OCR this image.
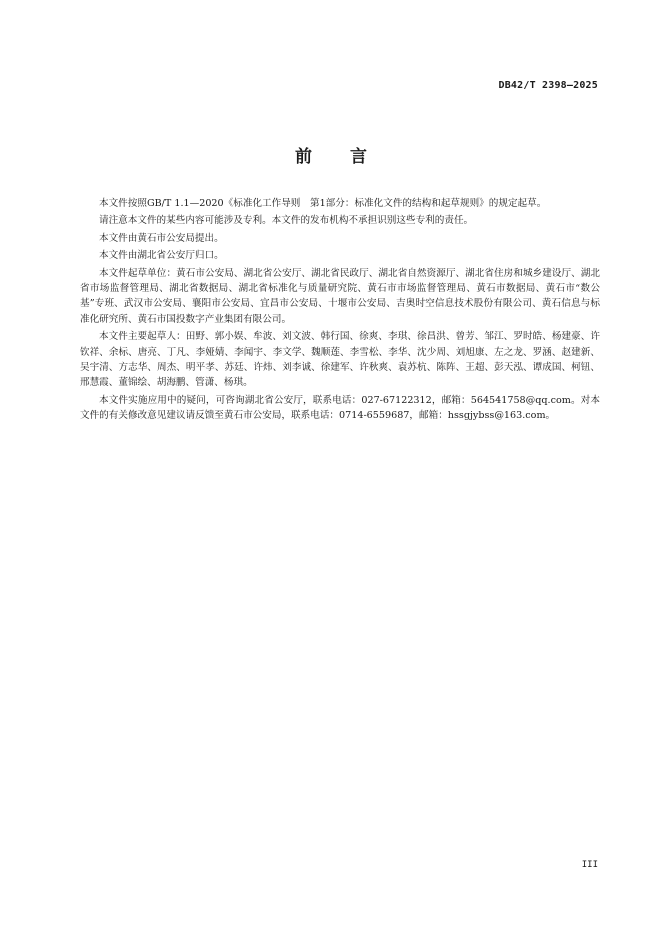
DB42/T 2398—2025
前言

本文件按照GB/T 1.1—2020《标准化工作导则　第1部分：标准化文件的结构和起草规则》的规定起草。

请注意本文件的某些内容可能涉及专利。本文件的发布机构不承担识别这些专利的责任。

本文件由黄石市公安局提出。

本文件由湖北省公安厅归口。

本文件起草单位：黄石市公安局、湖北省公安厅、湖北省民政厅、湖北省自然资源厅、湖北省住房和城乡建设厅、湖北省市场监督管理局、湖北省数据局、湖北省标准化与质量研究院、黄石市市场监督管理局、黄石市数据局、黄石市“数公基”专班、武汉市公安局、襄阳市公安局、宜昌市公安局、十堰市公安局、吉奥时空信息技术股份有限公司、黄石信息与标准化研究所、黄石市国投数字产业集团有限公司。

本文件主要起草人：田野、郭小娱、牟波、刘文波、韩行国、徐爽、李琪、徐昌洪、曾芳、邹江、罗时皓、杨建豪、许钦祥、余标、唐亮、丁凡、李娅婧、李闻宇、李文学、魏顺莲、李雪松、李华、沈少周、刘旭康、左之龙、罗涵、赵建新、吴宇清、方志华、周杰、明平孝、苏廷、许炜、刘李诚、徐建军、许秋爽、袁苏杭、陈阵、王超、彭天泓、谭成国、柯钮、邢慧霞、董锦绘、胡海鹏、管潇、杨琪。

本文件实施应用中的疑问，可咨询湖北省公安厅，联系电话：027-67122312，邮箱：564541758@qq.com。对本文件的有关修改意见建议请反馈至黄石市公安局，联系电话：0714-6559687，邮箱：hssgjybss@163.com。

III
